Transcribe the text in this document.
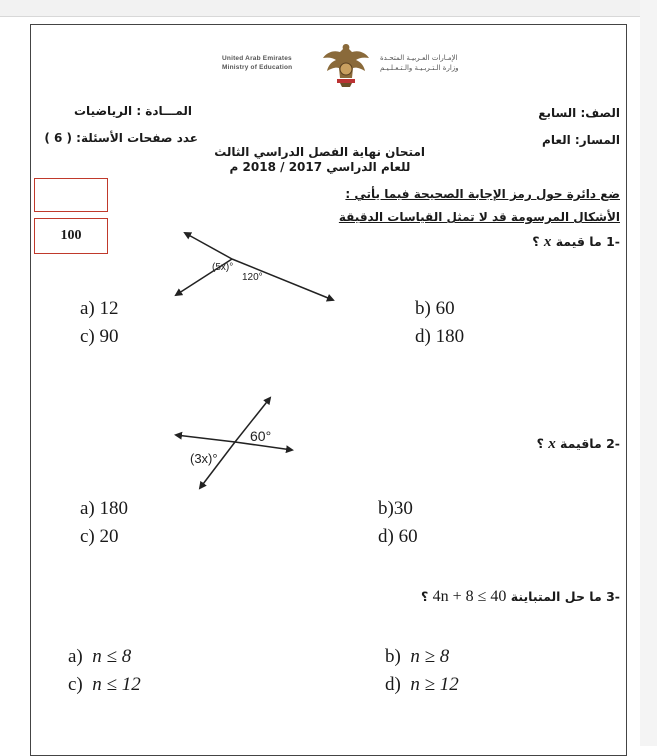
United Arab Emirates
Ministry of Education
الإمـارات العـربيـة المتحـدة
وزارة الـتـربـيـة والـتـعـلـيـم
المـــادة : الرياضيات
عدد صفحات الأسئلة: ( 6 )
الصف: السابع
المسار: العام
امتحان نهاية الفصل الدراسي الثالث
للعام الدراسي 2017 / 2018 م
100
ضع دائرة حول رمز الإجابة الصحيحة فيما يأتي :
الأشكال المرسومة قد لا تمثل القياسات الدقيقة
-1 ما قيمة x ؟
(5x)°
120°
a) 12	b) 60
c) 90	d) 180
-2 ماقيمة x ؟
60°
(3x)°
a) 180	b)30
c) 20	d) 60
-3 ما حل المتباينة 4n + 8 ≤ 40 ؟
a) n ≤ 8	b) n ≥ 8
c) n ≤ 12	d) n ≥ 12
